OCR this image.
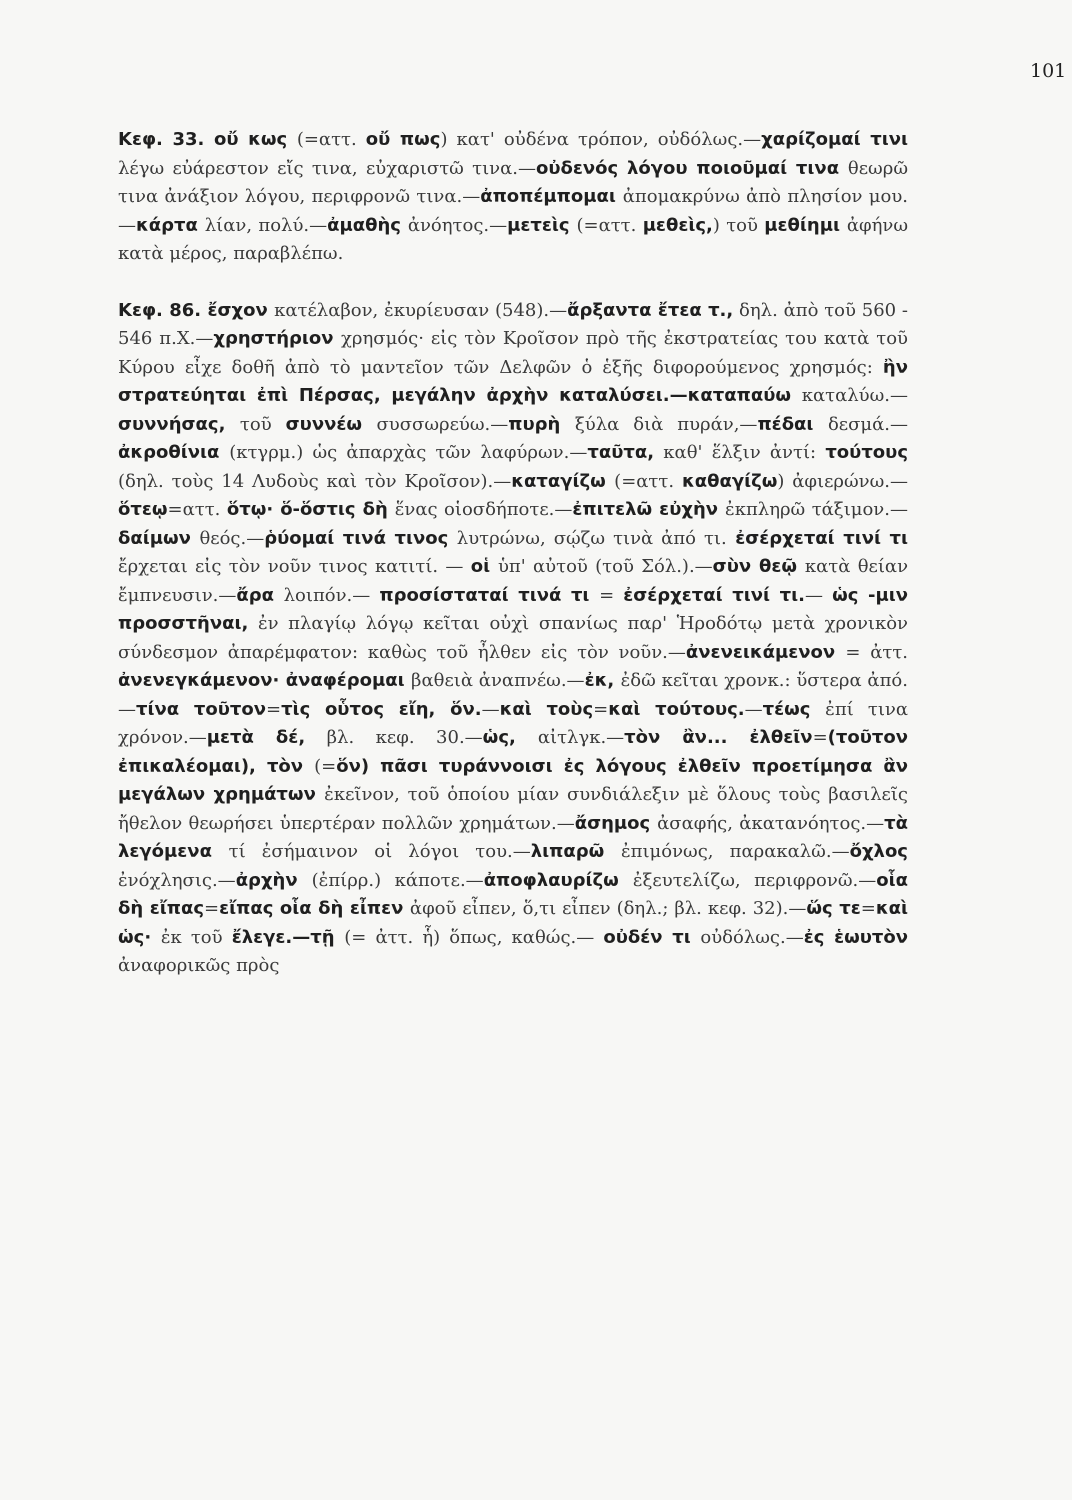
101

Κεφ. 33. οὔ κως (=αττ. οὔ πως) κατ' οὐδένα τρόπον, οὐδόλως.—χαρίζομαί τινι λέγω εὐάρεστον εἴς τινα, εὐχαριστῶ τινα.—οὐδενός λόγου ποιοῦμαί τινα θεωρῶ τινα ἀνάξιον λόγου, περιφρονῶ τινα.—ἀποπέμπομαι ἀπομακρύνω ἀπὸ πλησίον μου.—κάρτα λίαν, πολύ.—ἀμαθὴς ἀνόητος.—μετεὶς (=αττ. μεθεὶς,) τοῦ μεθίημι ἀφήνω κατὰ μέρος, παραβλέπω.

Κεφ. 86. ἔσχον κατέλαβον, ἐκυρίευσαν (548).—ἄρξαντα ἔτεα τ., δηλ. ἀπὸ τοῦ 560 - 546 π.Χ.—χρηστήριον χρησμός· εἰς τὸν Κροῖσον πρὸ τῆς ἐκστρατείας του κατὰ τοῦ Κύρου εἶχε δοθῆ ἀπὸ τὸ μαντεῖον τῶν Δελφῶν ὁ ἑξῆς διφορούμενος χρησμός: ἢν στρατεύηται ἐπὶ Πέρσας, μεγάλην ἀρχὴν καταλύσει.—καταπαύω καταλύω.—συννήσας, τοῦ συννέω συσσωρεύω.—πυρὴ ξύλα διὰ πυράν,—πέδαι δεσμά.—ἀκροθίνια (κτγρμ.) ὡς ἀπαρχὰς τῶν λαφύρων.—ταῦτα, καθ' ἕλξιν ἀντί: τούτους (δηλ. τοὺς 14 Λυδοὺς καὶ τὸν Κροῖσον).—καταγίζω (=αττ. καθαγίζω) ἀφιερώνω.—ὅτεῳ=αττ. ὅτῳ· ὅ-ὅστις δὴ ἕνας οἱοσδήποτε.—ἐπιτελῶ εὐχὴν ἐκπληρῶ τάξιμον.—δαίμων θεός.—ῥύομαί τινά τινος λυτρώνω, σῴζω τινὰ ἀπό τι. ἐσέρχεταί τινί τι ἔρχεται εἰς τὸν νοῦν τινος κατιτί. — οἱ ὑπ' αὐτοῦ (τοῦ Σόλ.).—σὺν θεῷ κατὰ θείαν ἔμπνευσιν.—ἄρα λοιπόν.— προσίσταταί τινά τι = ἐσέρχεταί τινί τι.— ὡς -μιν προσστῆναι, ἐν πλαγίῳ λόγῳ κεῖται οὐχὶ σπανίως παρ' Ἡροδότῳ μετὰ χρονικὸν σύνδεσμον ἀπαρέμφατον: καθὼς τοῦ ἦλθεν εἰς τὸν νοῦν.—ἀνενεικάμενον = ἀττ. ἀνενεγκάμενον· ἀναφέρομαι βαθειὰ ἀναπνέω.—ἐκ, ἐδῶ κεῖται χρονκ.: ὕστερα ἀπό.—τίνα τοῦτον=τὶς οὗτος εἴη, ὅν.—καὶ τοὺς=καὶ τούτους.—τέως ἐπί τινα χρόνον.—μετὰ δέ, βλ. κεφ. 30.—ὡς, αἰτλγκ.—τὸν ἂν... ἐλθεῖν=(τοῦτον ἐπικαλέομαι), τὸν (=ὅν) πᾶσι τυράννοισι ἐς λόγους ἐλθεῖν προετίμησα ἂν μεγάλων χρημάτων ἐκεῖνον, τοῦ ὁποίου μίαν συνδιάλεξιν μὲ ὅλους τοὺς βασιλεῖς ἤθελον θεωρήσει ὑπερτέραν πολλῶν χρημάτων.—ἄσημος ἀσαφής, ἀκατανόητος.—τὰ λεγόμενα τί ἐσήμαινον οἱ λόγοι του.—λιπαρῶ ἐπιμόνως, παρακαλῶ.—ὄχλος ἐνόχλησις.—ἀρχὴν (ἐπίρρ.) κάποτε.—ἀποφλαυρίζω ἐξευτελίζω, περιφρονῶ.—οἷα δὴ εἴπας=εἴπας οἷα δὴ εἶπεν ἀφοῦ εἶπεν, ὅ,τι εἶπεν (δηλ.; βλ. κεφ. 32).—ὥς τε=καὶ ὡς· ἐκ τοῦ ἔλεγε.—τῇ (= ἀττ. ἧ) ὅπως, καθώς.— οὐδέν τι οὐδόλως.—ἐς ἑωυτὸν ἀναφορικῶς πρὸς
